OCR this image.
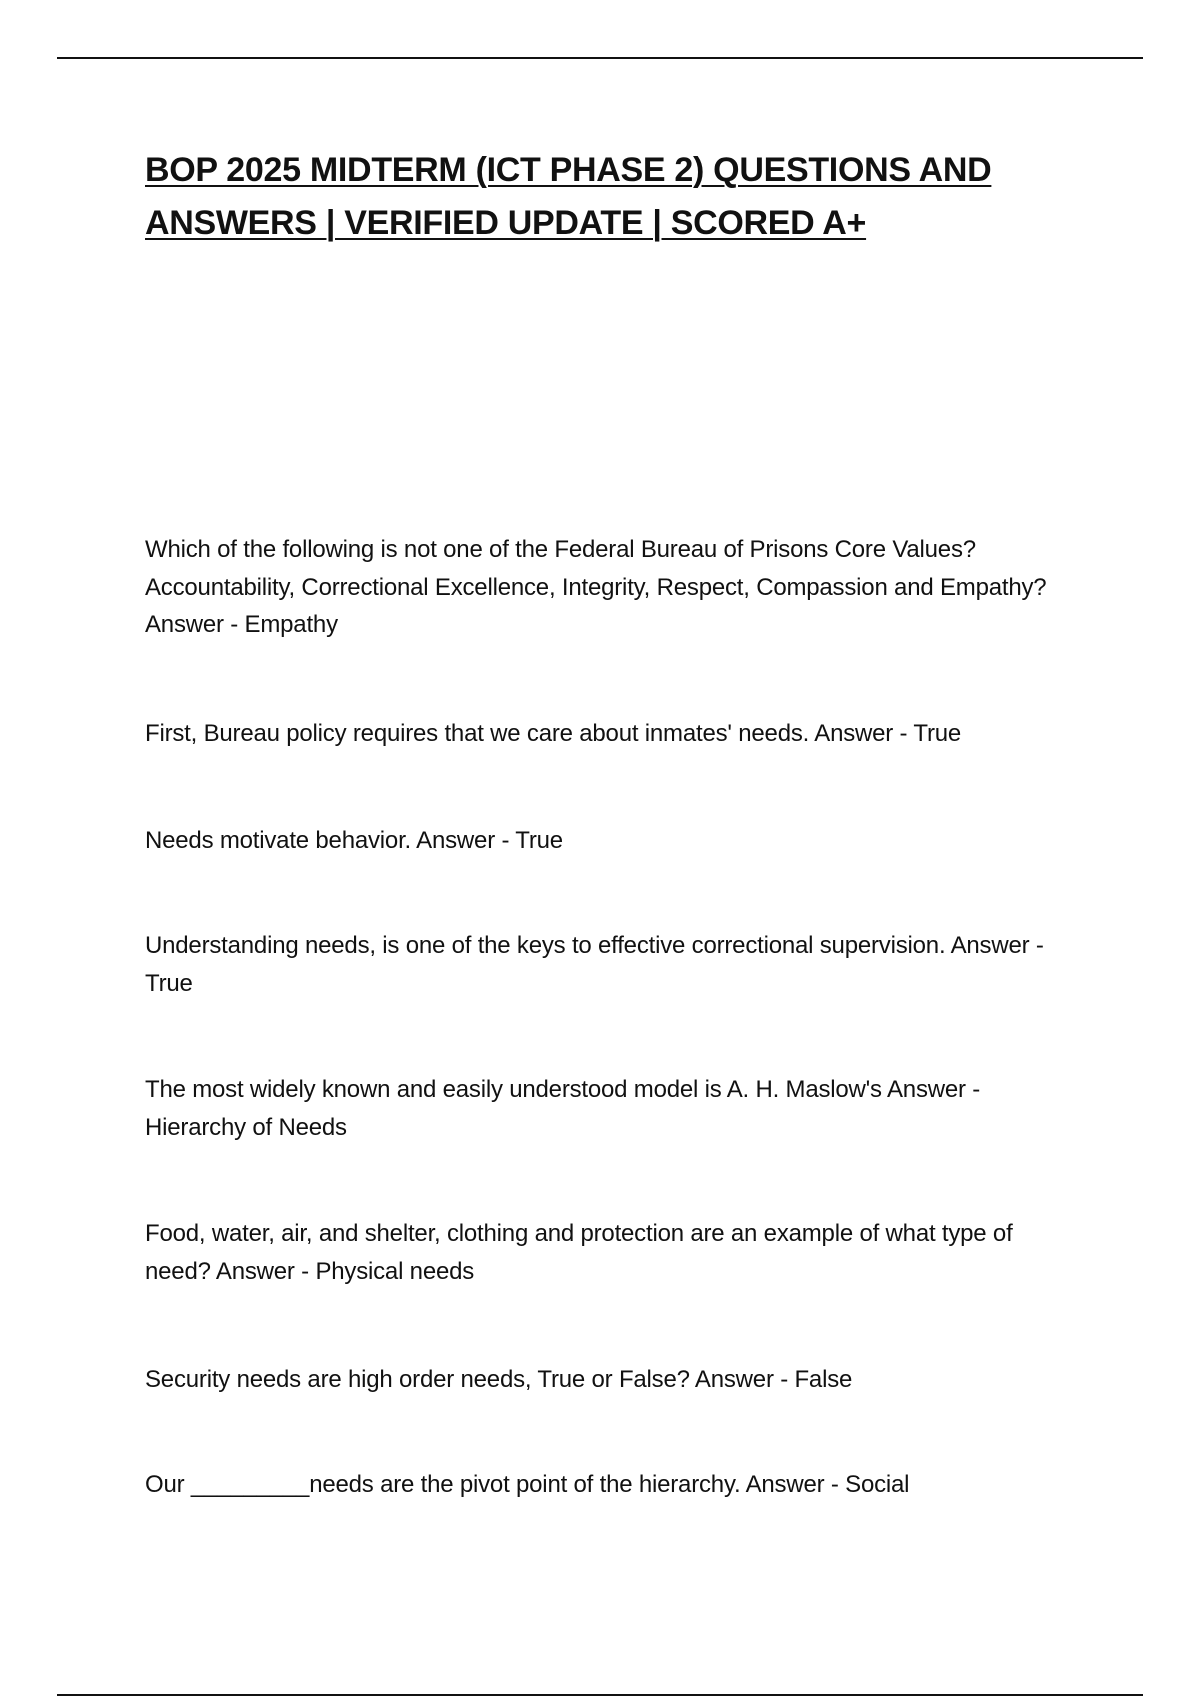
BOP 2025 MIDTERM (ICT PHASE 2) QUESTIONS AND ANSWERS | VERIFIED UPDATE | SCORED A+

Which of the following is not one of the Federal Bureau of Prisons Core Values? Accountability, Correctional Excellence, Integrity, Respect, Compassion and Empathy? Answer - Empathy

First, Bureau policy requires that we care about inmates' needs. Answer - True

Needs motivate behavior. Answer - True

Understanding needs, is one of the keys to effective correctional supervision. Answer - True

The most widely known and easily understood model is A. H. Maslow's Answer - Hierarchy of Needs

Food, water, air, and shelter, clothing and protection are an example of what type of need? Answer - Physical needs

Security needs are high order needs, True or False? Answer - False

Our _________needs are the pivot point of the hierarchy. Answer - Social
